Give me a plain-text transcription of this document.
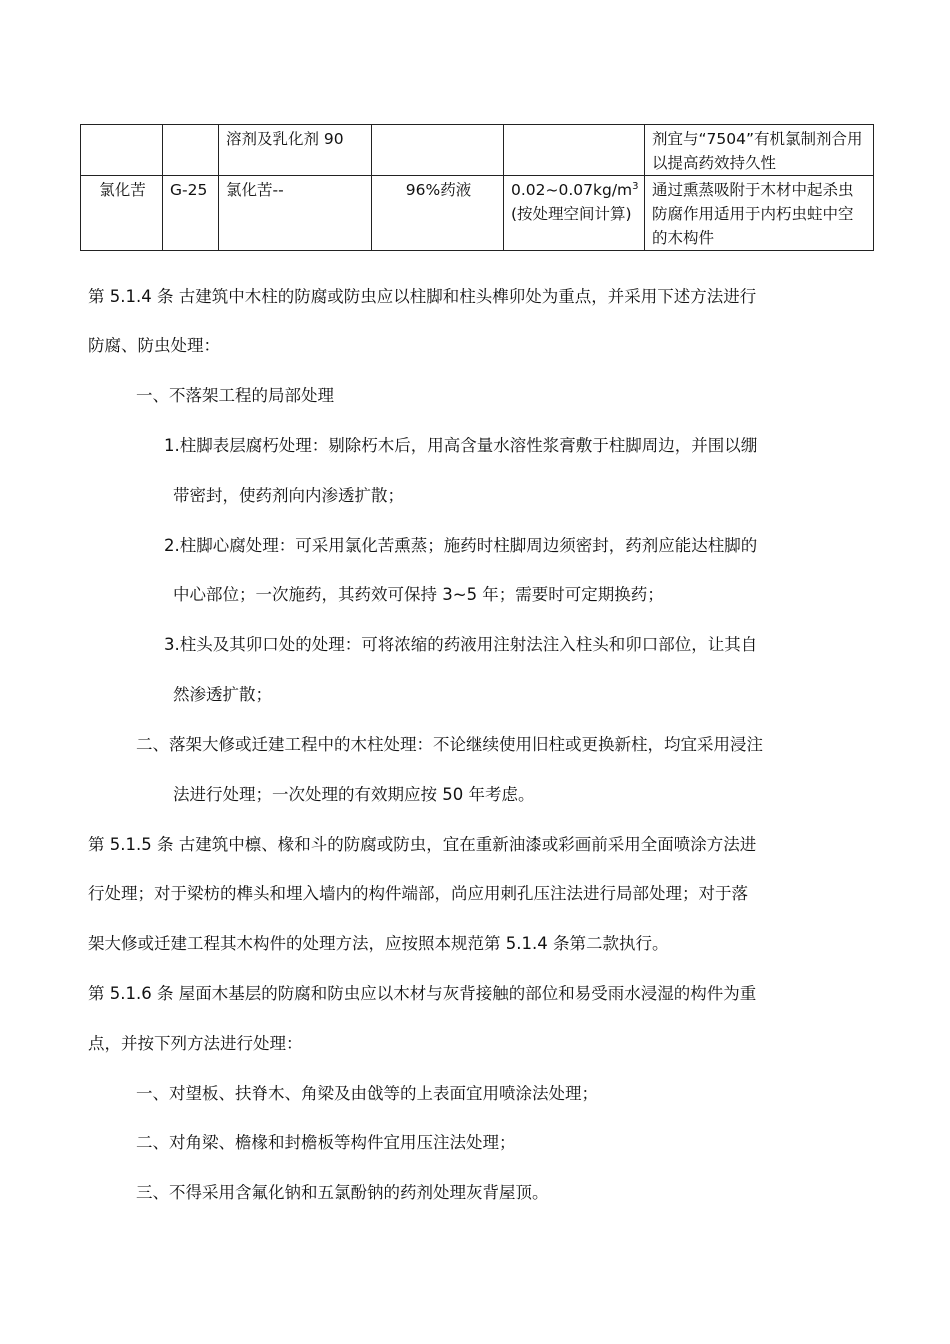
		溶剂及乳化剂 90			剂宜与“7504”有机氯制剂合用以提高药效持久性
氯化苦	G-25	氯化苦--	96%药液	$0.02\sim 0.07kg/m^3$
(按处理空间计算)	通过熏蒸吸附于木材中起杀虫防腐作用适用于内朽虫蛀中空的木构件
第 5.1.4 条 古建筑中木柱的防腐或防虫应以柱脚和柱头榫卯处为重点，并采用下述方法进行
防腐、防虫处理：
一、不落架工程的局部处理
1.柱脚表层腐朽处理：剔除朽木后，用高含量水溶性浆膏敷于柱脚周边，并围以绷
带密封，使药剂向内渗透扩散；
2.柱脚心腐处理：可采用氯化苦熏蒸；施药时柱脚周边须密封，药剂应能达柱脚的
中心部位；一次施药，其药效可保持 3~5 年；需要时可定期换药；
3.柱头及其卯口处的处理：可将浓缩的药液用注射法注入柱头和卯口部位，让其自
然渗透扩散；
二、落架大修或迁建工程中的木柱处理：不论继续使用旧柱或更换新柱，均宜采用浸注
法进行处理；一次处理的有效期应按 50 年考虑。
第 5.1.5 条 古建筑中檩、椽和斗的防腐或防虫，宜在重新油漆或彩画前采用全面喷涂方法进
行处理；对于梁枋的榫头和埋入墙内的构件端部，尚应用刺孔压注法进行局部处理；对于落
架大修或迁建工程其木构件的处理方法，应按照本规范第 5.1.4 条第二款执行。
第 5.1.6 条 屋面木基层的防腐和防虫应以木材与灰背接触的部位和易受雨水浸湿的构件为重
点，并按下列方法进行处理：
一、对望板、扶脊木、角梁及由戗等的上表面宜用喷涂法处理；
二、对角梁、檐椽和封檐板等构件宜用压注法处理；
三、不得采用含氟化钠和五氯酚钠的药剂处理灰背屋顶。
